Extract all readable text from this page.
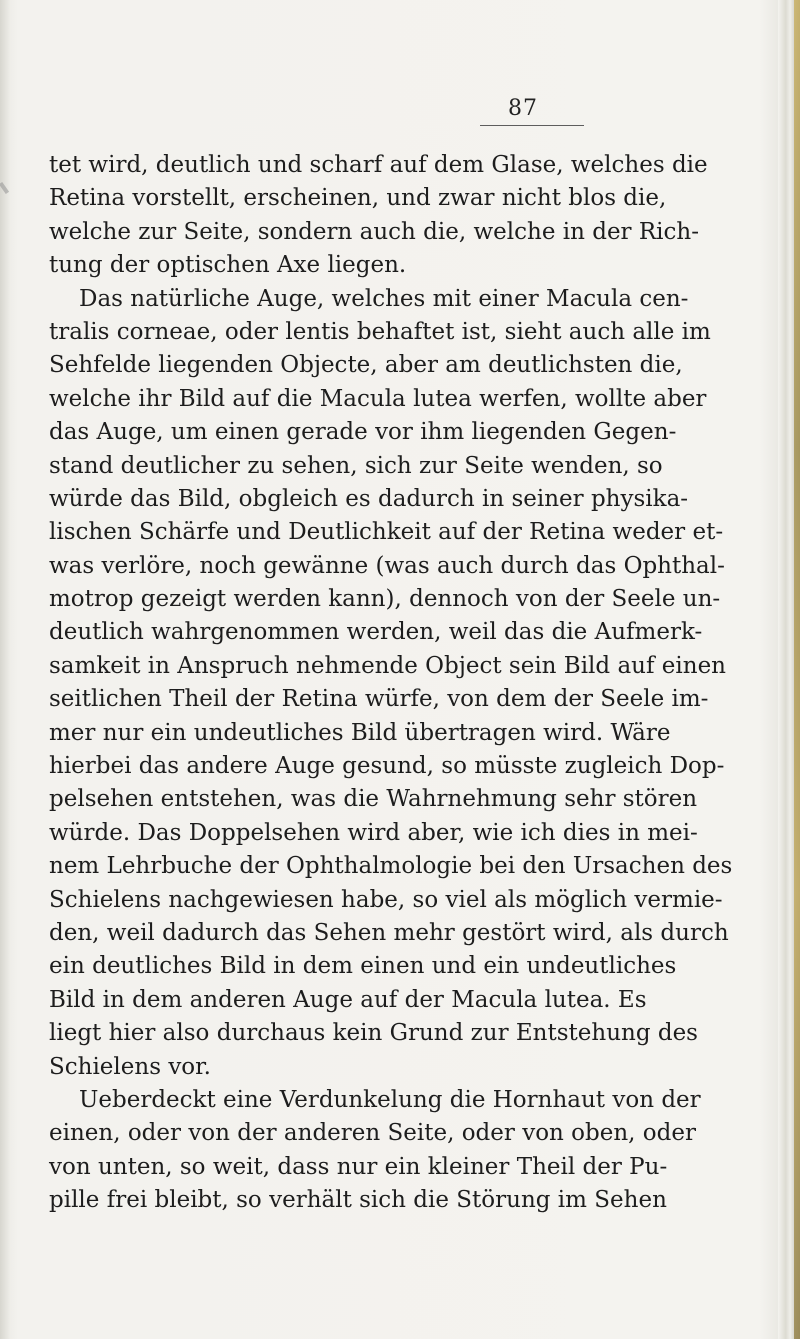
87
tet wird, deutlich und scharf auf dem Glase, welches die
Retina vorstellt, erscheinen, und zwar nicht blos die,
welche zur Seite, sondern auch die, welche in der Rich-
tung der optischen Axe liegen.
Das natürliche Auge, welches mit einer Macula cen-
tralis corneae, oder lentis behaftet ist, sieht auch alle im
Sehfelde liegenden Objecte, aber am deutlichsten die,
welche ihr Bild auf die Macula lutea werfen, wollte aber
das Auge, um einen gerade vor ihm liegenden Gegen-
stand deutlicher zu sehen, sich zur Seite wenden, so
würde das Bild, obgleich es dadurch in seiner physika-
lischen Schärfe und Deutlichkeit auf der Retina weder et-
was verlöre, noch gewänne (was auch durch das Ophthal-
motrop gezeigt werden kann), dennoch von der Seele un-
deutlich wahrgenommen werden, weil das die Aufmerk-
samkeit in Anspruch nehmende Object sein Bild auf einen
seitlichen Theil der Retina würfe, von dem der Seele im-
mer nur ein undeutliches Bild übertragen wird. Wäre
hierbei das andere Auge gesund, so müsste zugleich Dop-
pelsehen entstehen, was die Wahrnehmung sehr stören
würde. Das Doppelsehen wird aber, wie ich dies in mei-
nem Lehrbuche der Ophthalmologie bei den Ursachen des
Schielens nachgewiesen habe, so viel als möglich vermie-
den, weil dadurch das Sehen mehr gestört wird, als durch
ein deutliches Bild in dem einen und ein undeutliches
Bild in dem anderen Auge auf der Macula lutea. Es
liegt hier also durchaus kein Grund zur Entstehung des
Schielens vor.
Ueberdeckt eine Verdunkelung die Hornhaut von der
einen, oder von der anderen Seite, oder von oben, oder
von unten, so weit, dass nur ein kleiner Theil der Pu-
pille frei bleibt, so verhält sich die Störung im Sehen
